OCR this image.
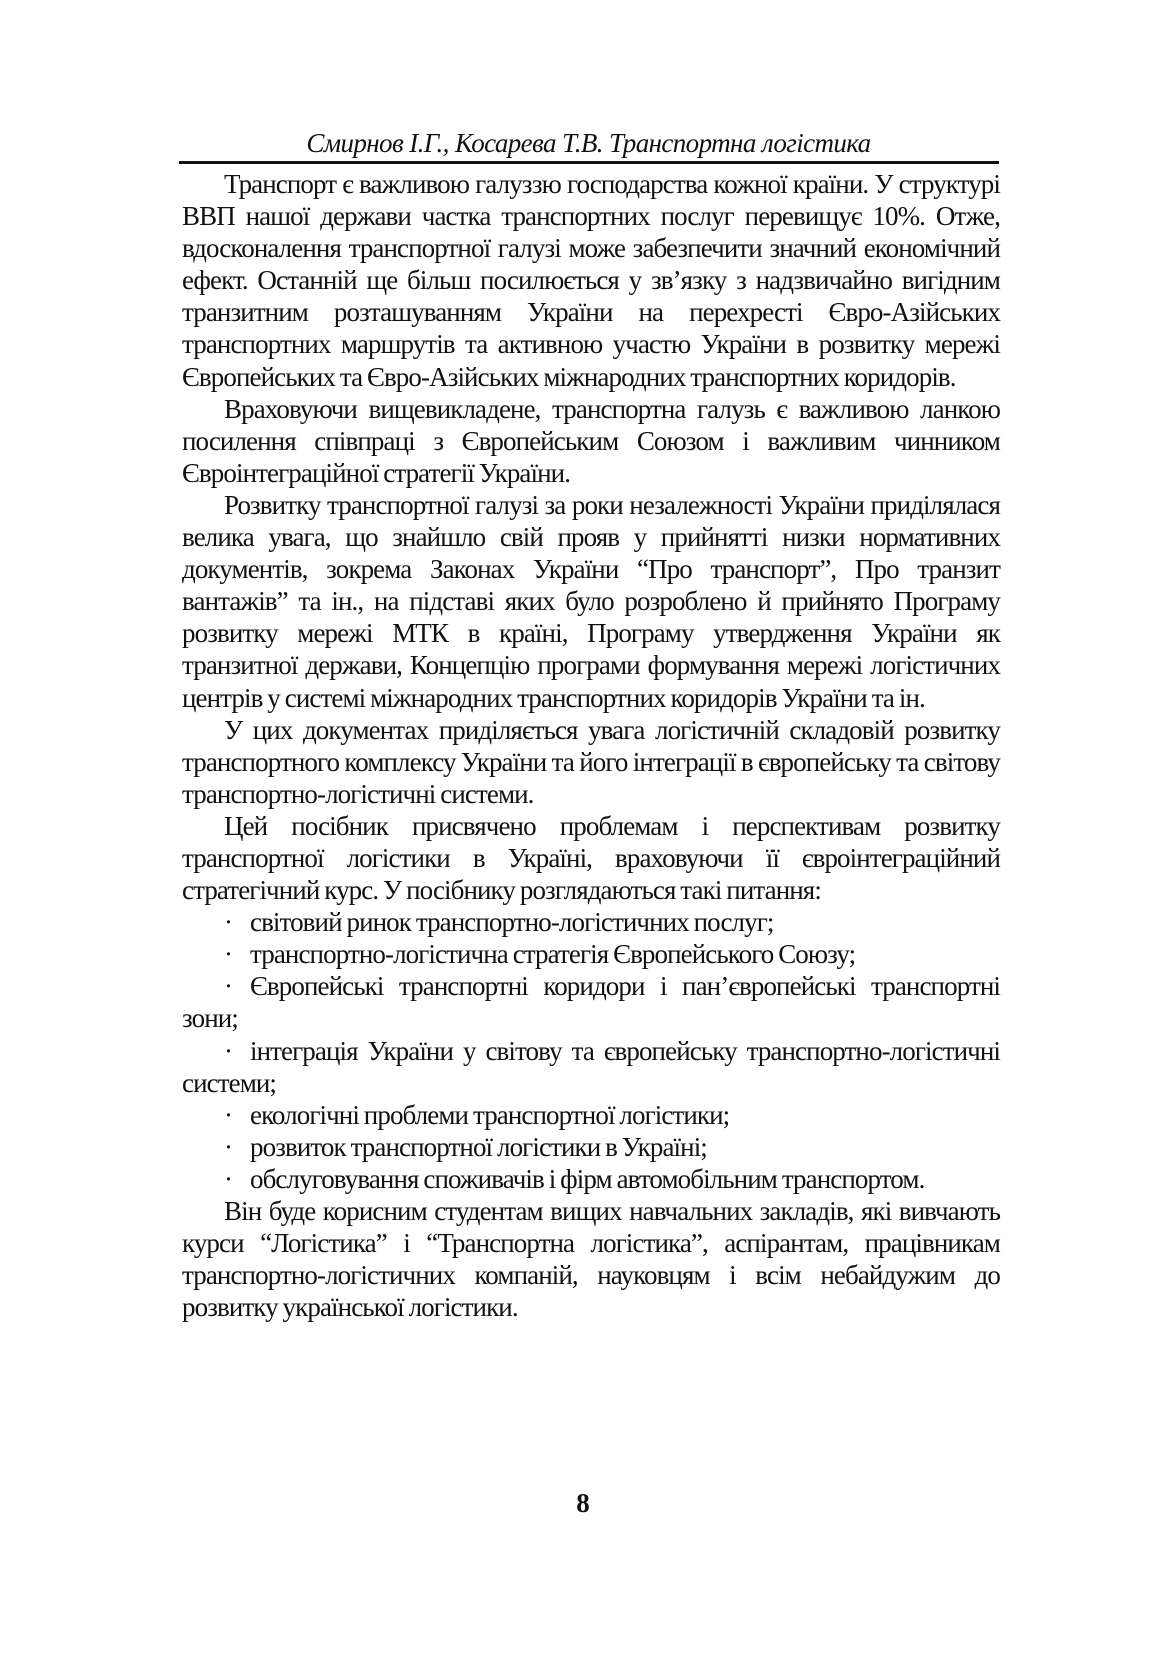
Смирнов І.Г., Косарева Т.В. Транспортна логістика

Транспорт є важливою галуззю господарства кожної країни. У структурі ВВП нашої держави частка транспортних послуг перевищує 10%. Отже, вдосконалення транспортної галузі може забезпечити значний економічний ефект. Останній ще більш посилюється у зв’язку з надзвичайно вигідним транзитним розташуванням України на перехресті Євро-Азійських транспортних маршрутів та активною участю України в розвитку мережі Європейських та Євро-Азійських міжнародних транспортних коридорів.

Враховуючи вищевикладене, транспортна галузь є важливою ланкою посилення співпраці з Європейським Союзом і важливим чинником Євроінтеграційної стратегії України.

Розвитку транспортної галузі за роки незалежності України приділялася велика увага, що знайшло свій прояв у прийнятті низки нормативних документів, зокрема Законах України “Про транспорт”, Про транзит вантажів” та ін., на підставі яких було розроблено й прийнято Програму розвитку мережі МТК в країні, Програму утвердження України як транзитної держави, Концепцію програми формування мережі логістичних центрів у системі міжнародних транспортних коридорів України та ін.

У цих документах приділяється увага логістичній складовій розвитку транспортного комплексу України та його інтеграції в європейську та світову транспортно-логістичні системи.

Цей посібник присвячено проблемам і перспективам розвитку транспортної логістики в Україні, враховуючи її євроінтеграційний стратегічний курс. У посібнику розглядаються такі питання:

· світовий ринок транспортно-логістичних послуг;

· транспортно-логістична стратегія Європейського Союзу;

· Європейські транспортні коридори і пан’європейські транспортні зони;

· інтеграція України у світову та європейську транспортно-логістичні системи;

· екологічні проблеми транспортної логістики;

· розвиток транспортної логістики в Україні;

· обслуговування споживачів і фірм автомобільним транспортом.

Він буде корисним студентам вищих навчальних закладів, які вивчають курси “Логістика” і “Транспортна логістика”, аспірантам, працівникам транспортно-логістичних компаній, науковцям і всім небайдужим до розвитку української логістики.

8
